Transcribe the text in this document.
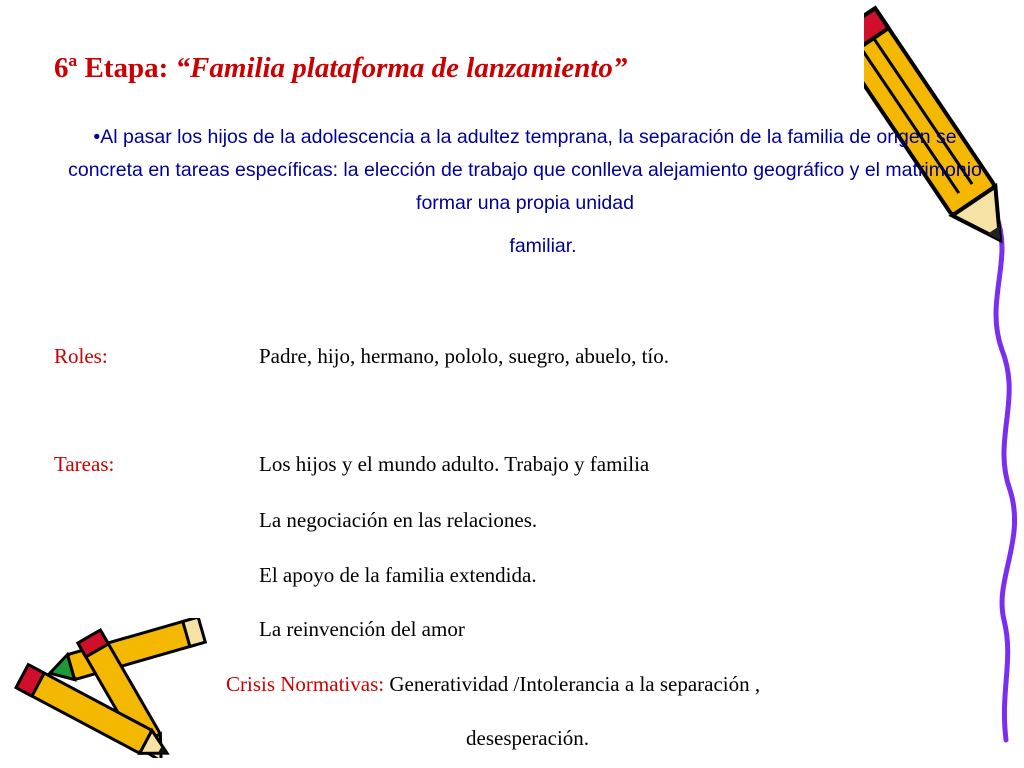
6ª Etapa: “Familia plataforma de lanzamiento”

•Al pasar los hijos de la adolescencia a la adultez temprana, la separación de la familia de origen se concreta en tareas específicas: la elección de trabajo que conlleva alejamiento geográfico y el matrimonio formar una propia unidad

familiar.
Roles:	Padre, hijo, hermano, pololo, suegro, abuelo, tío.
Tareas:	Los hijos y el mundo adulto. Trabajo y familia
La negociación en las relaciones.
El apoyo de la familia extendida.
La reinvención del amor
Crisis Normativas: Generatividad /Intolerancia a la separación ,
desesperación.
